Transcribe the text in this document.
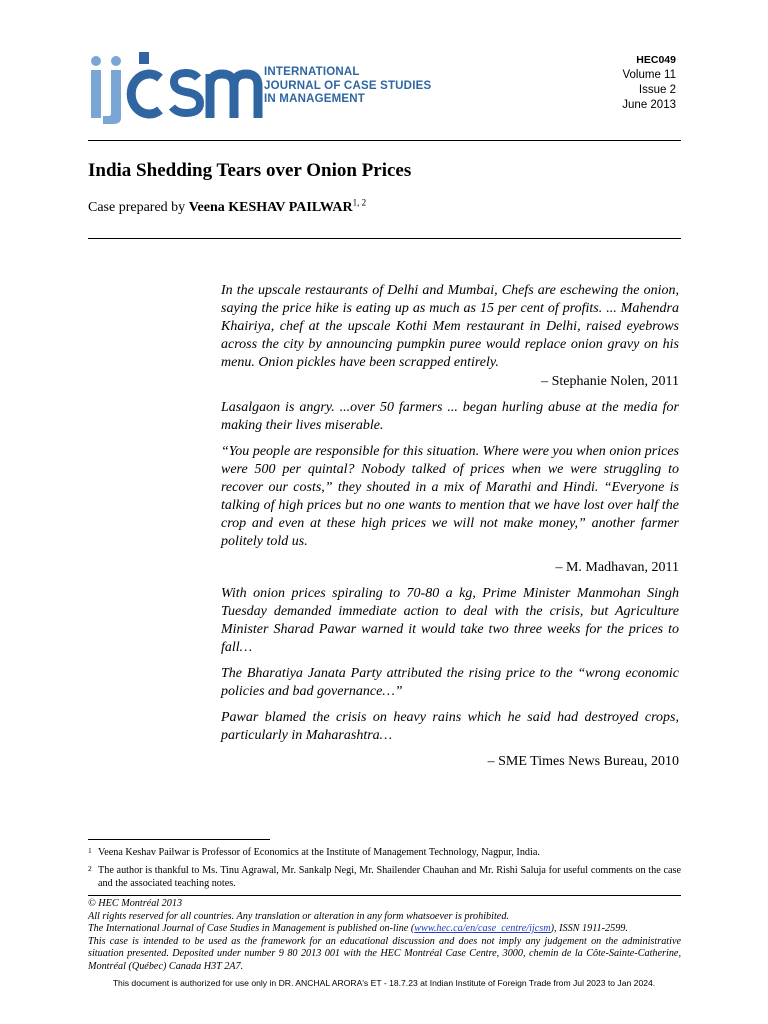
INTERNATIONAL
JOURNAL OF CASE STUDIES
IN MANAGEMENT
HEC049
Volume 11
Issue 2
June 2013
India Shedding Tears over Onion Prices
Case prepared by Veena KESHAV PAILWAR$^{1, 2}$

In the upscale restaurants of Delhi and Mumbai, Chefs are eschewing the onion, saying the price hike is eating up as much as 15 per cent of profits. ... Mahendra Khairiya, chef at the upscale Kothi Mem restaurant in Delhi, raised eyebrows across the city by announcing pumpkin puree would replace onion gravy on his menu. Onion pickles have been scrapped entirely.

– Stephanie Nolen, 2011

Lasalgaon is angry. ...over 50 farmers ... began hurling abuse at the media for making their lives miserable.

“You people are responsible for this situation. Where were you when onion prices were 500 per quintal? Nobody talked of prices when we were struggling to recover our costs,” they shouted in a mix of Marathi and Hindi. “Everyone is talking of high prices but no one wants to mention that we have lost over half the crop and even at these high prices we will not make money,” another farmer politely told us.

– M. Madhavan, 2011

With onion prices spiraling to 70-80 a kg, Prime Minister Manmohan Singh Tuesday demanded immediate action to deal with the crisis, but Agriculture Minister Sharad Pawar warned it would take two three weeks for the prices to fall…

The Bharatiya Janata Party attributed the rising price to the “wrong economic policies and bad governance…”

Pawar blamed the crisis on heavy rains which he said had destroyed crops, particularly in Maharashtra…

– SME Times News Bureau, 2010

1 Veena Keshav Pailwar is Professor of Economics at the Institute of Management Technology, Nagpur, India.
2 The author is thankful to Ms. Tinu Agrawal, Mr. Sankalp Negi, Mr. Shailender Chauhan and Mr. Rishi Saluja for useful comments on the case and the associated teaching notes.

© HEC Montréal 2013

All rights reserved for all countries. Any translation or alteration in any form whatsoever is prohibited.

The International Journal of Case Studies in Management is published on-line (www.hec.ca/en/case_centre/ijcsm), ISSN 1911-2599.

This case is intended to be used as the framework for an educational discussion and does not imply any judgement on the administrative situation presented. Deposited under number 9 80 2013 001 with the HEC Montréal Case Centre, 3000, chemin de la Côte-Sainte-Catherine, Montréal (Québec) Canada H3T 2A7.

This document is authorized for use only in DR. ANCHAL ARORA's ET - 18.7.23 at Indian Institute of Foreign Trade from Jul 2023 to Jan 2024.
